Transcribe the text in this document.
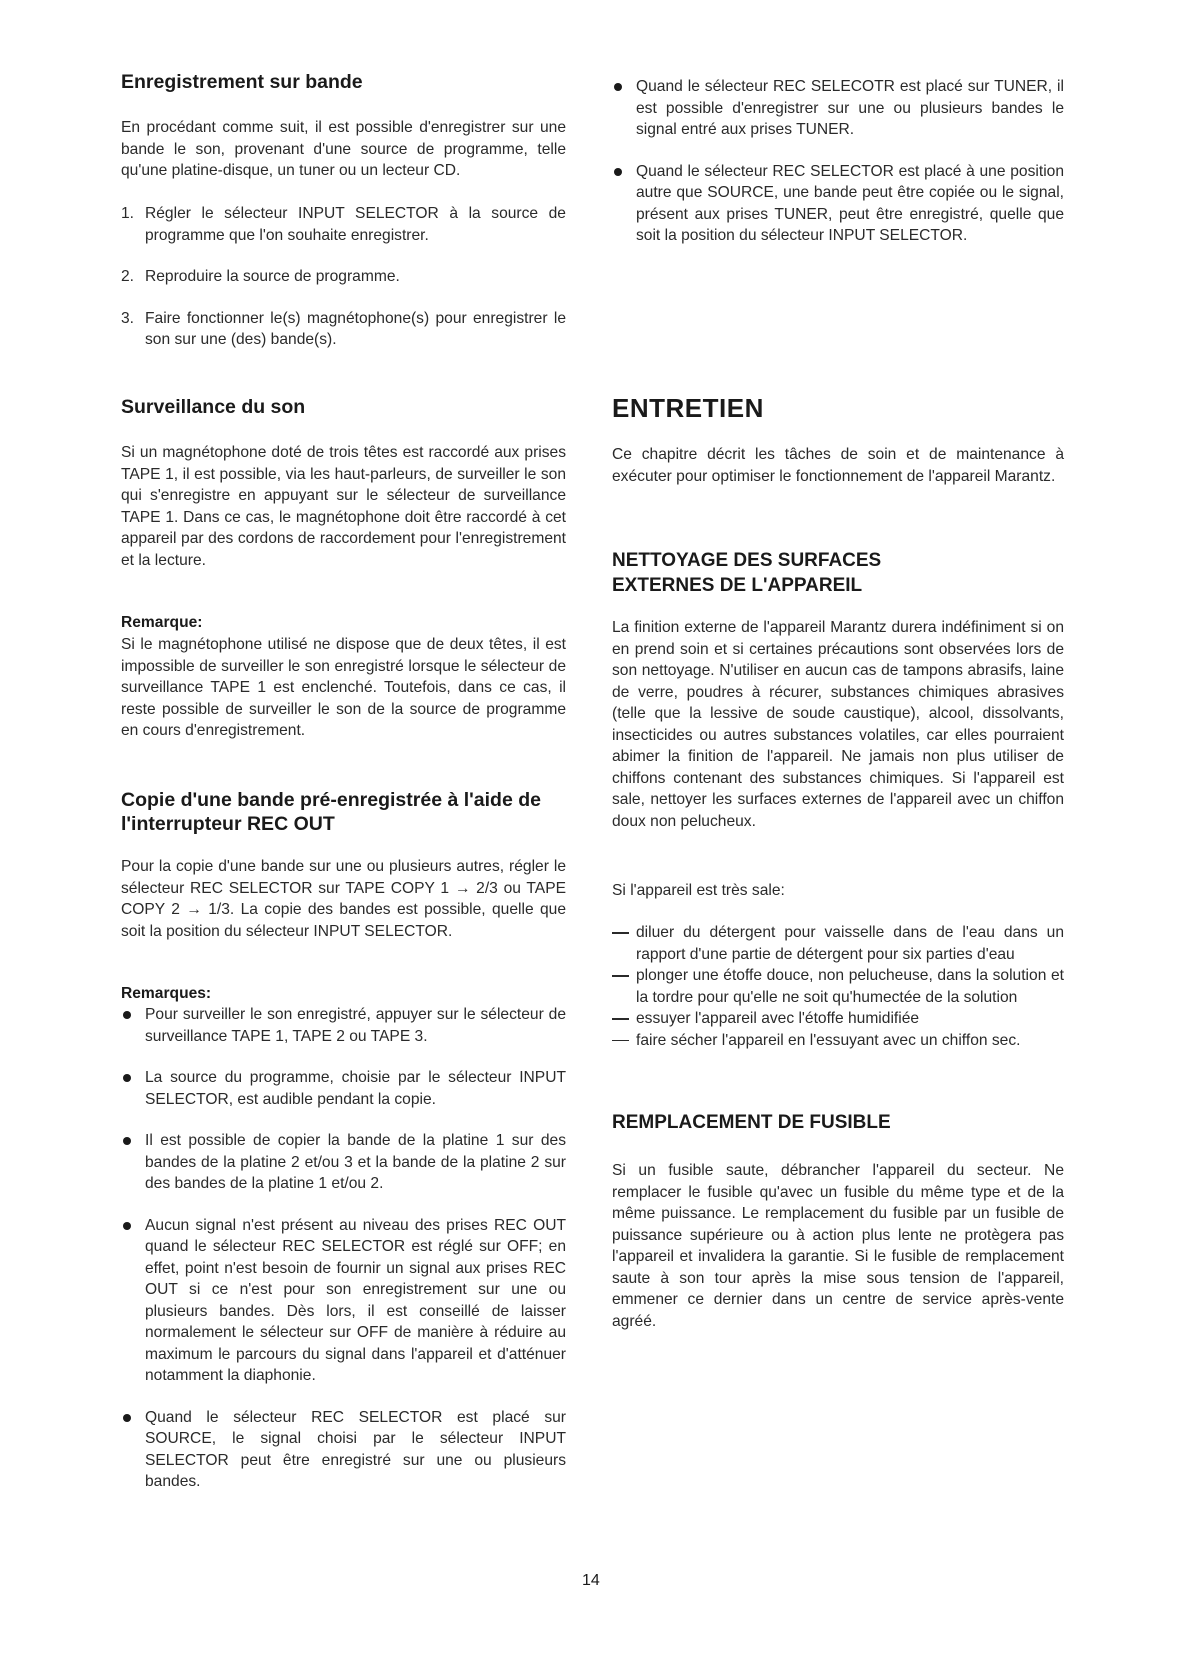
Enregistrement sur bande

En procédant comme suit, il est possible d'enregistrer sur une bande le son, provenant d'une source de programme, telle qu'une platine-disque, un tuner ou un lecteur CD.

1. Régler le sélecteur INPUT SELECTOR à la source de programme que l'on souhaite enregistrer.
2. Reproduire la source de programme.
3. Faire fonctionner le(s) magnétophone(s) pour enregistrer le son sur une (des) bande(s).
Surveillance du son

Si un magnétophone doté de trois têtes est raccordé aux prises TAPE 1, il est possible, via les haut-parleurs, de surveiller le son qui s'enregistre en appuyant sur le sélecteur de surveillance TAPE 1. Dans ce cas, le magnétophone doit être raccordé à cet appareil par des cordons de raccordement pour l'enregistrement et la lecture.

Remarque:

Si le magnétophone utilisé ne dispose que de deux têtes, il est impossible de surveiller le son enregistré lorsque le sélecteur de surveillance TAPE 1 est enclenché. Toutefois, dans ce cas, il reste possible de surveiller le son de la source de programme en cours d'enregistrement.

Copie d'une bande pré-enregistrée à l'aide de l'interrupteur REC OUT

Pour la copie d'une bande sur une ou plusieurs autres, régler le sélecteur REC SELECTOR sur TAPE COPY 1 → 2/3 ou TAPE COPY 2 → 1/3. La copie des bandes est possible, quelle que soit la position du sélecteur INPUT SELECTOR.

Remarques:
Pour surveiller le son enregistré, appuyer sur le sélecteur de surveillance TAPE 1, TAPE 2 ou TAPE 3.
La source du programme, choisie par le sélecteur INPUT SELECTOR, est audible pendant la copie.
Il est possible de copier la bande de la platine 1 sur des bandes de la platine 2 et/ou 3 et la bande de la platine 2 sur des bandes de la platine 1 et/ou 2.
Aucun signal n'est présent au niveau des prises REC OUT quand le sélecteur REC SELECTOR est réglé sur OFF; en effet, point n'est besoin de fournir un signal aux prises REC OUT si ce n'est pour son enregistrement sur une ou plusieurs bandes. Dès lors, il est conseillé de laisser normalement le sélecteur sur OFF de manière à réduire au maximum le parcours du signal dans l'appareil et d'atténuer notamment la diaphonie.
Quand le sélecteur REC SELECTOR est placé sur SOURCE, le signal choisi par le sélecteur INPUT SELECTOR peut être enregistré sur une ou plusieurs bandes.
Quand le sélecteur REC SELECOTR est placé sur TUNER, il est possible d'enregistrer sur une ou plusieurs bandes le signal entré aux prises TUNER.
Quand le sélecteur REC SELECTOR est placé à une position autre que SOURCE, une bande peut être copiée ou le signal, présent aux prises TUNER, peut être enregistré, quelle que soit la position du sélecteur INPUT SELECTOR.
ENTRETIEN

Ce chapitre décrit les tâches de soin et de maintenance à exécuter pour optimiser le fonctionnement de l'appareil Marantz.

NETTOYAGE DES SURFACES
EXTERNES DE L'APPAREIL

La finition externe de l'appareil Marantz durera indéfiniment si on en prend soin et si certaines précautions sont observées lors de son nettoyage. N'utiliser en aucun cas de tampons abrasifs, laine de verre, poudres à récurer, substances chimiques abrasives (telle que la lessive de soude caustique), alcool, dissolvants, insecticides ou autres substances volatiles, car elles pourraient abimer la finition de l'appareil. Ne jamais non plus utiliser de chiffons contenant des substances chimiques. Si l'appareil est sale, nettoyer les surfaces externes de l'appareil avec un chiffon doux non pelucheux.

Si l'appareil est très sale:

diluer du détergent pour vaisselle dans de l'eau dans un rapport d'une partie de détergent pour six parties d'eau
plonger une étoffe douce, non pelucheuse, dans la solution et la tordre pour qu'elle ne soit qu'humectée de la solution
essuyer l'appareil avec l'étoffe humidifiée
faire sécher l'appareil en l'essuyant avec un chiffon sec.
REMPLACEMENT DE FUSIBLE

Si un fusible saute, débrancher l'appareil du secteur. Ne remplacer le fusible qu'avec un fusible du même type et de la même puissance. Le remplacement du fusible par un fusible de puissance supérieure ou à action plus lente ne protègera pas l'appareil et invalidera la garantie. Si le fusible de remplacement saute à son tour après la mise sous tension de l'appareil, emmener ce dernier dans un centre de service après-vente agréé.

14
